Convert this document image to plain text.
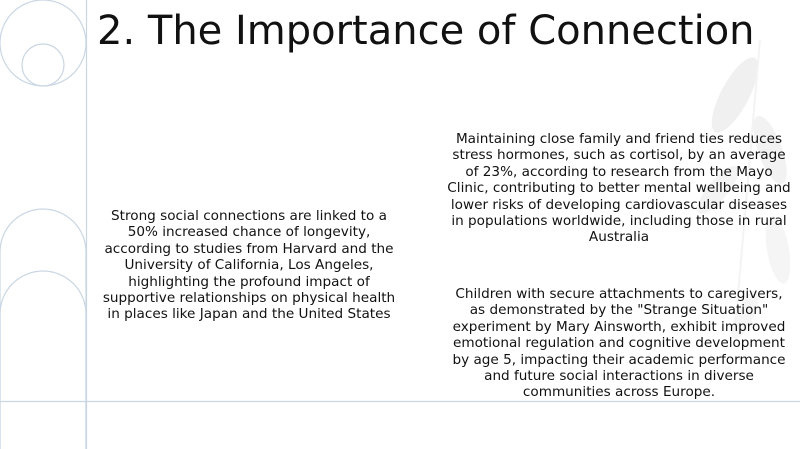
2. The Importance of Connection

Strong social connections are linked to a 50% increased chance of longevity, according to studies from Harvard and the University of California, Los Angeles, highlighting the profound impact of supportive relationships on physical health in places like Japan and the United States

Maintaining close family and friend ties reduces stress hormones, such as cortisol, by an average of 23%, according to research from the Mayo Clinic, contributing to better mental wellbeing and lower risks of developing cardiovascular diseases in populations worldwide, including those in rural Australia

Children with secure attachments to caregivers, as demonstrated by the "Strange Situation" experiment by Mary Ainsworth, exhibit improved emotional regulation and cognitive development by age 5, impacting their academic performance and future social interactions in diverse communities across Europe.
